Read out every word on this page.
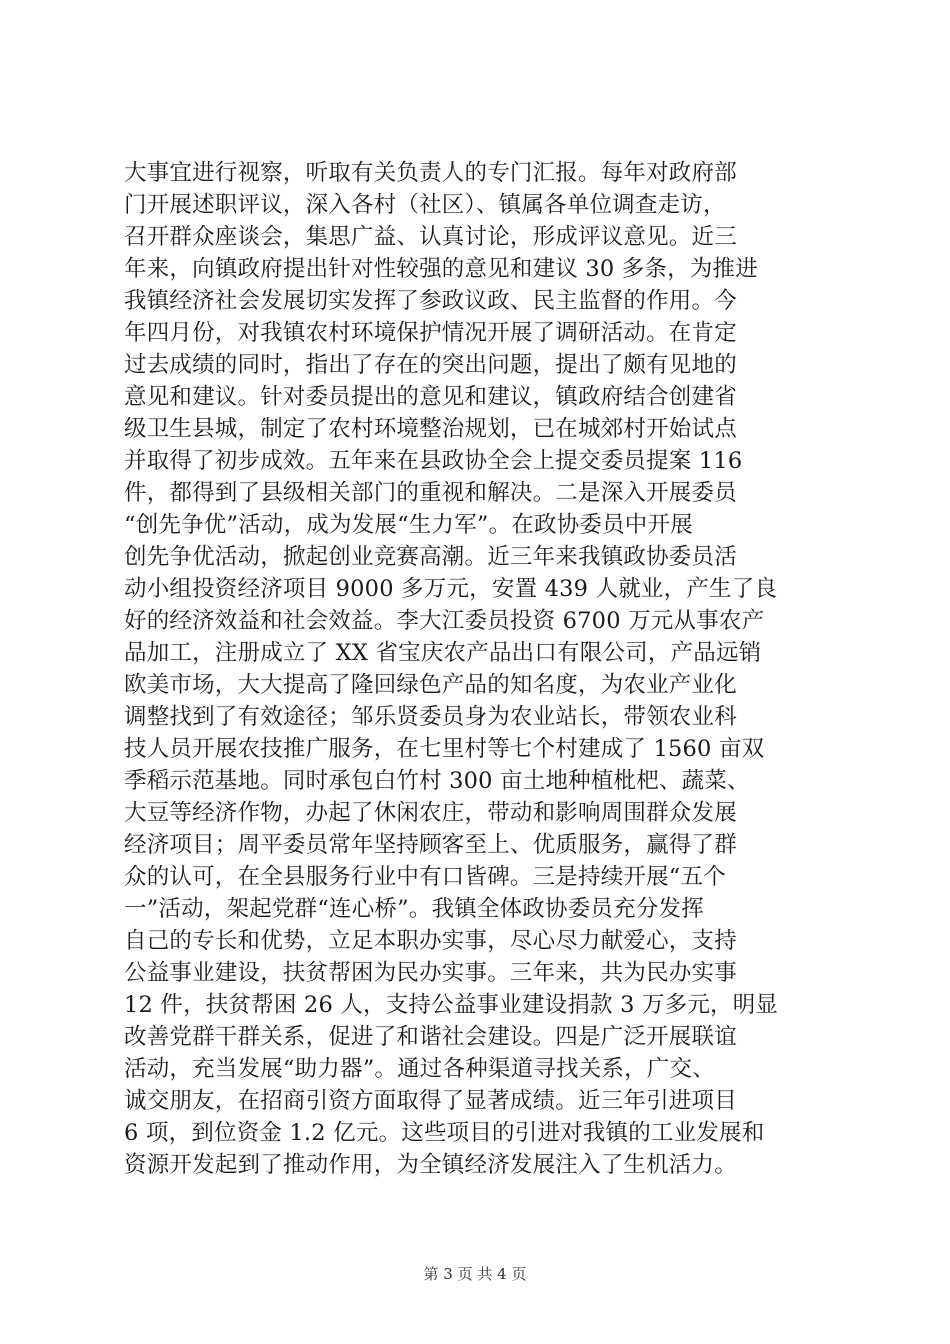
大事宜进行视察，听取有关负责人的专门汇报。每年对政府部
门开展述职评议，深入各村（社区）、镇属各单位调查走访，
召开群众座谈会，集思广益、认真讨论，形成评议意见。近三
年来，向镇政府提出针对性较强的意见和建议 30 多条，为推进
我镇经济社会发展切实发挥了参政议政、民主监督的作用。今
年四月份，对我镇农村环境保护情况开展了调研活动。在肯定
过去成绩的同时，指出了存在的突出问题，提出了颇有见地的
意见和建议。针对委员提出的意见和建议，镇政府结合创建省
级卫生县城，制定了农村环境整治规划，已在城郊村开始试点
并取得了初步成效。五年来在县政协全会上提交委员提案 116
件，都得到了县级相关部门的重视和解决。二是深入开展委员
“创先争优”活动，成为发展“生力军”。在政协委员中开展
创先争优活动，掀起创业竞赛高潮。近三年来我镇政协委员活
动小组投资经济项目 9000 多万元，安置 439 人就业，产生了良
好的经济效益和社会效益。李大江委员投资 6700 万元从事农产
品加工，注册成立了 XX 省宝庆农产品出口有限公司，产品远销
欧美市场，大大提高了隆回绿色产品的知名度，为农业产业化
调整找到了有效途径；邹乐贤委员身为农业站长，带领农业科
技人员开展农技推广服务，在七里村等七个村建成了 1560 亩双
季稻示范基地。同时承包白竹村 300 亩土地种植枇杷、蔬菜、
大豆等经济作物，办起了休闲农庄，带动和影响周围群众发展
经济项目；周平委员常年坚持顾客至上、优质服务，赢得了群
众的认可，在全县服务行业中有口皆碑。三是持续开展“五个
一”活动，架起党群“连心桥”。我镇全体政协委员充分发挥
自己的专长和优势，立足本职办实事，尽心尽力献爱心，支持
公益事业建设，扶贫帮困为民办实事。三年来，共为民办实事
12 件，扶贫帮困 26 人，支持公益事业建设捐款 3 万多元，明显
改善党群干群关系，促进了和谐社会建设。四是广泛开展联谊
活动，充当发展“助力器”。通过各种渠道寻找关系，广交、
诚交朋友，在招商引资方面取得了显著成绩。近三年引进项目
6 项，到位资金 1.2 亿元。这些项目的引进对我镇的工业发展和
资源开发起到了推动作用，为全镇经济发展注入了生机活力。
第 3 页 共 4 页
